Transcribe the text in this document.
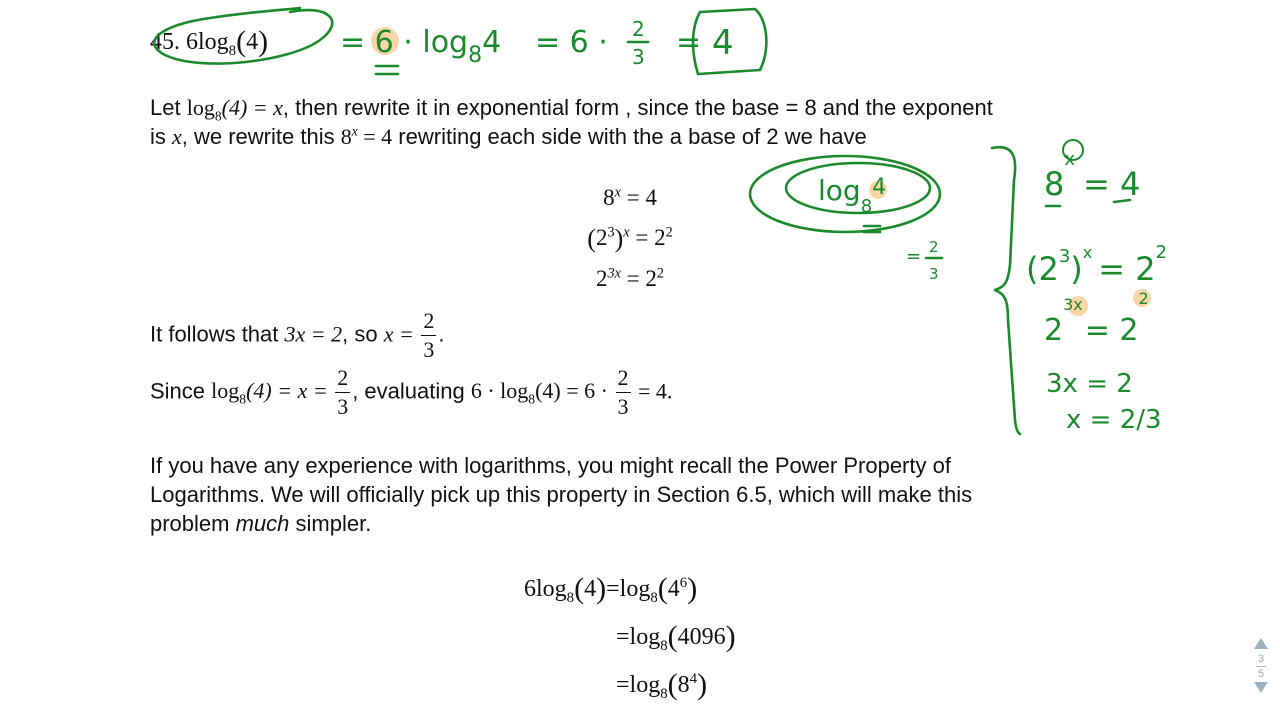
45. $6\log_8(4)$
Let $\log_8(4) = x$, then rewrite it in exponential form , since the base = 8 and the exponent
is x, we rewrite this $8^x = 4$ rewriting each side with the a base of 2 we have
$8^x = 4$
$(2^3)^x = 2^2$
$2^{3x} = 2^2$
It follows that 3x = 2, so $x = \frac{2}{3}$ .
Since $\log_8(4) = x = \frac{2}{3}$ , evaluating $6 \cdot \log_8(4) = 6 \cdot \frac{2}{3} = 4$.
If you have any experience with logarithms, you might recall the Power Property of
Logarithms. We will officially pick up this property in Section 6.5, which will make this
problem much simpler.
$6\log_8(4)=\log_8(4^6)$
$=\log_8(4096)$
$=\log_8(8^4)$
= $6 \cdot \log_84 = 6 \cdot 2$
3 = 4
$\log_8^4$
= 2
3
$8^x= 4$
$(2^3)^x = 2^2$
$2^{3x}= 2^2$
3x = 2
x = 2/3
3
5
